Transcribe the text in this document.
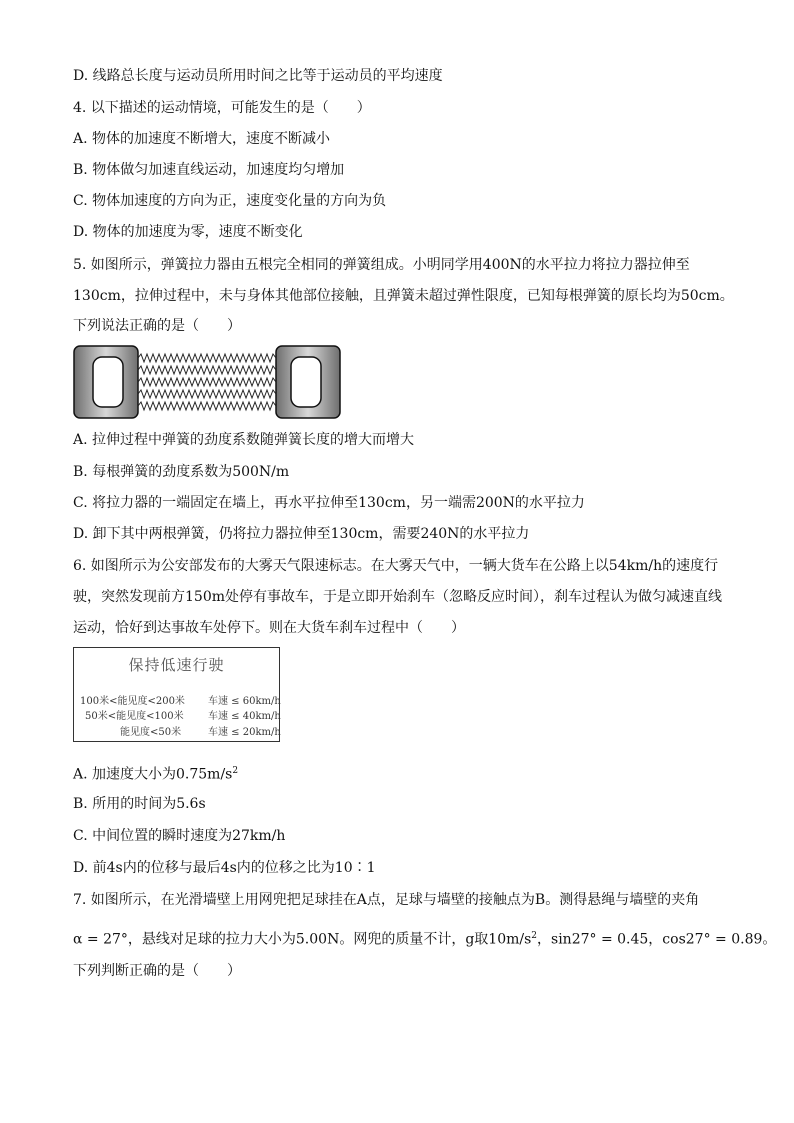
D. 线路总长度与运动员所用时间之比等于运动员的平均速度
4. 以下描述的运动情境，可能发生的是（　　）
A. 物体的加速度不断增大，速度不断减小
B. 物体做匀加速直线运动，加速度均匀增加
C. 物体加速度的方向为正，速度变化量的方向为负
D. 物体的加速度为零，速度不断变化
5. 如图所示，弹簧拉力器由五根完全相同的弹簧组成。小明同学用400N的水平拉力将拉力器拉伸至
130cm，拉伸过程中，未与身体其他部位接触，且弹簧未超过弹性限度，已知每根弹簧的原长均为50cm。
下列说法正确的是（　　）
A. 拉伸过程中弹簧的劲度系数随弹簧长度的增大而增大
B. 每根弹簧的劲度系数为500N/m
C. 将拉力器的一端固定在墙上，再水平拉伸至130cm，另一端需200N的水平拉力
D. 卸下其中两根弹簧，仍将拉力器拉伸至130cm，需要240N的水平拉力
6. 如图所示为公安部发布的大雾天气限速标志。在大雾天气中，一辆大货车在公路上以54km/h的速度行
驶，突然发现前方150m处停有事故车，于是立即开始刹车（忽略反应时间），刹车过程认为做匀减速直线
运动，恰好到达事故车处停下。则在大货车刹车过程中（　　）
保持低速行驶
100米<能见度<200米 车速 ≤ 60km/h
50米<能见度<100米 车速 ≤ 40km/h
能见度<50米	车速 ≤ 20km/h
A. 加速度大小为$0.75m/s^2$
B. 所用的时间为5.6s
C. 中间位置的瞬时速度为27km/h
D. 前4s内的位移与最后4s内的位移之比为10∶1
7. 如图所示，在光滑墙壁上用网兜把足球挂在A点，足球与墙壁的接触点为B。测得悬绳与墙壁的夹角
α = 27°，悬线对足球的拉力大小为5.00N。网兜的质量不计，g取$10m/s^2$，sin27° = 0.45，cos27° = 0.89。
下列判断正确的是（　　）
